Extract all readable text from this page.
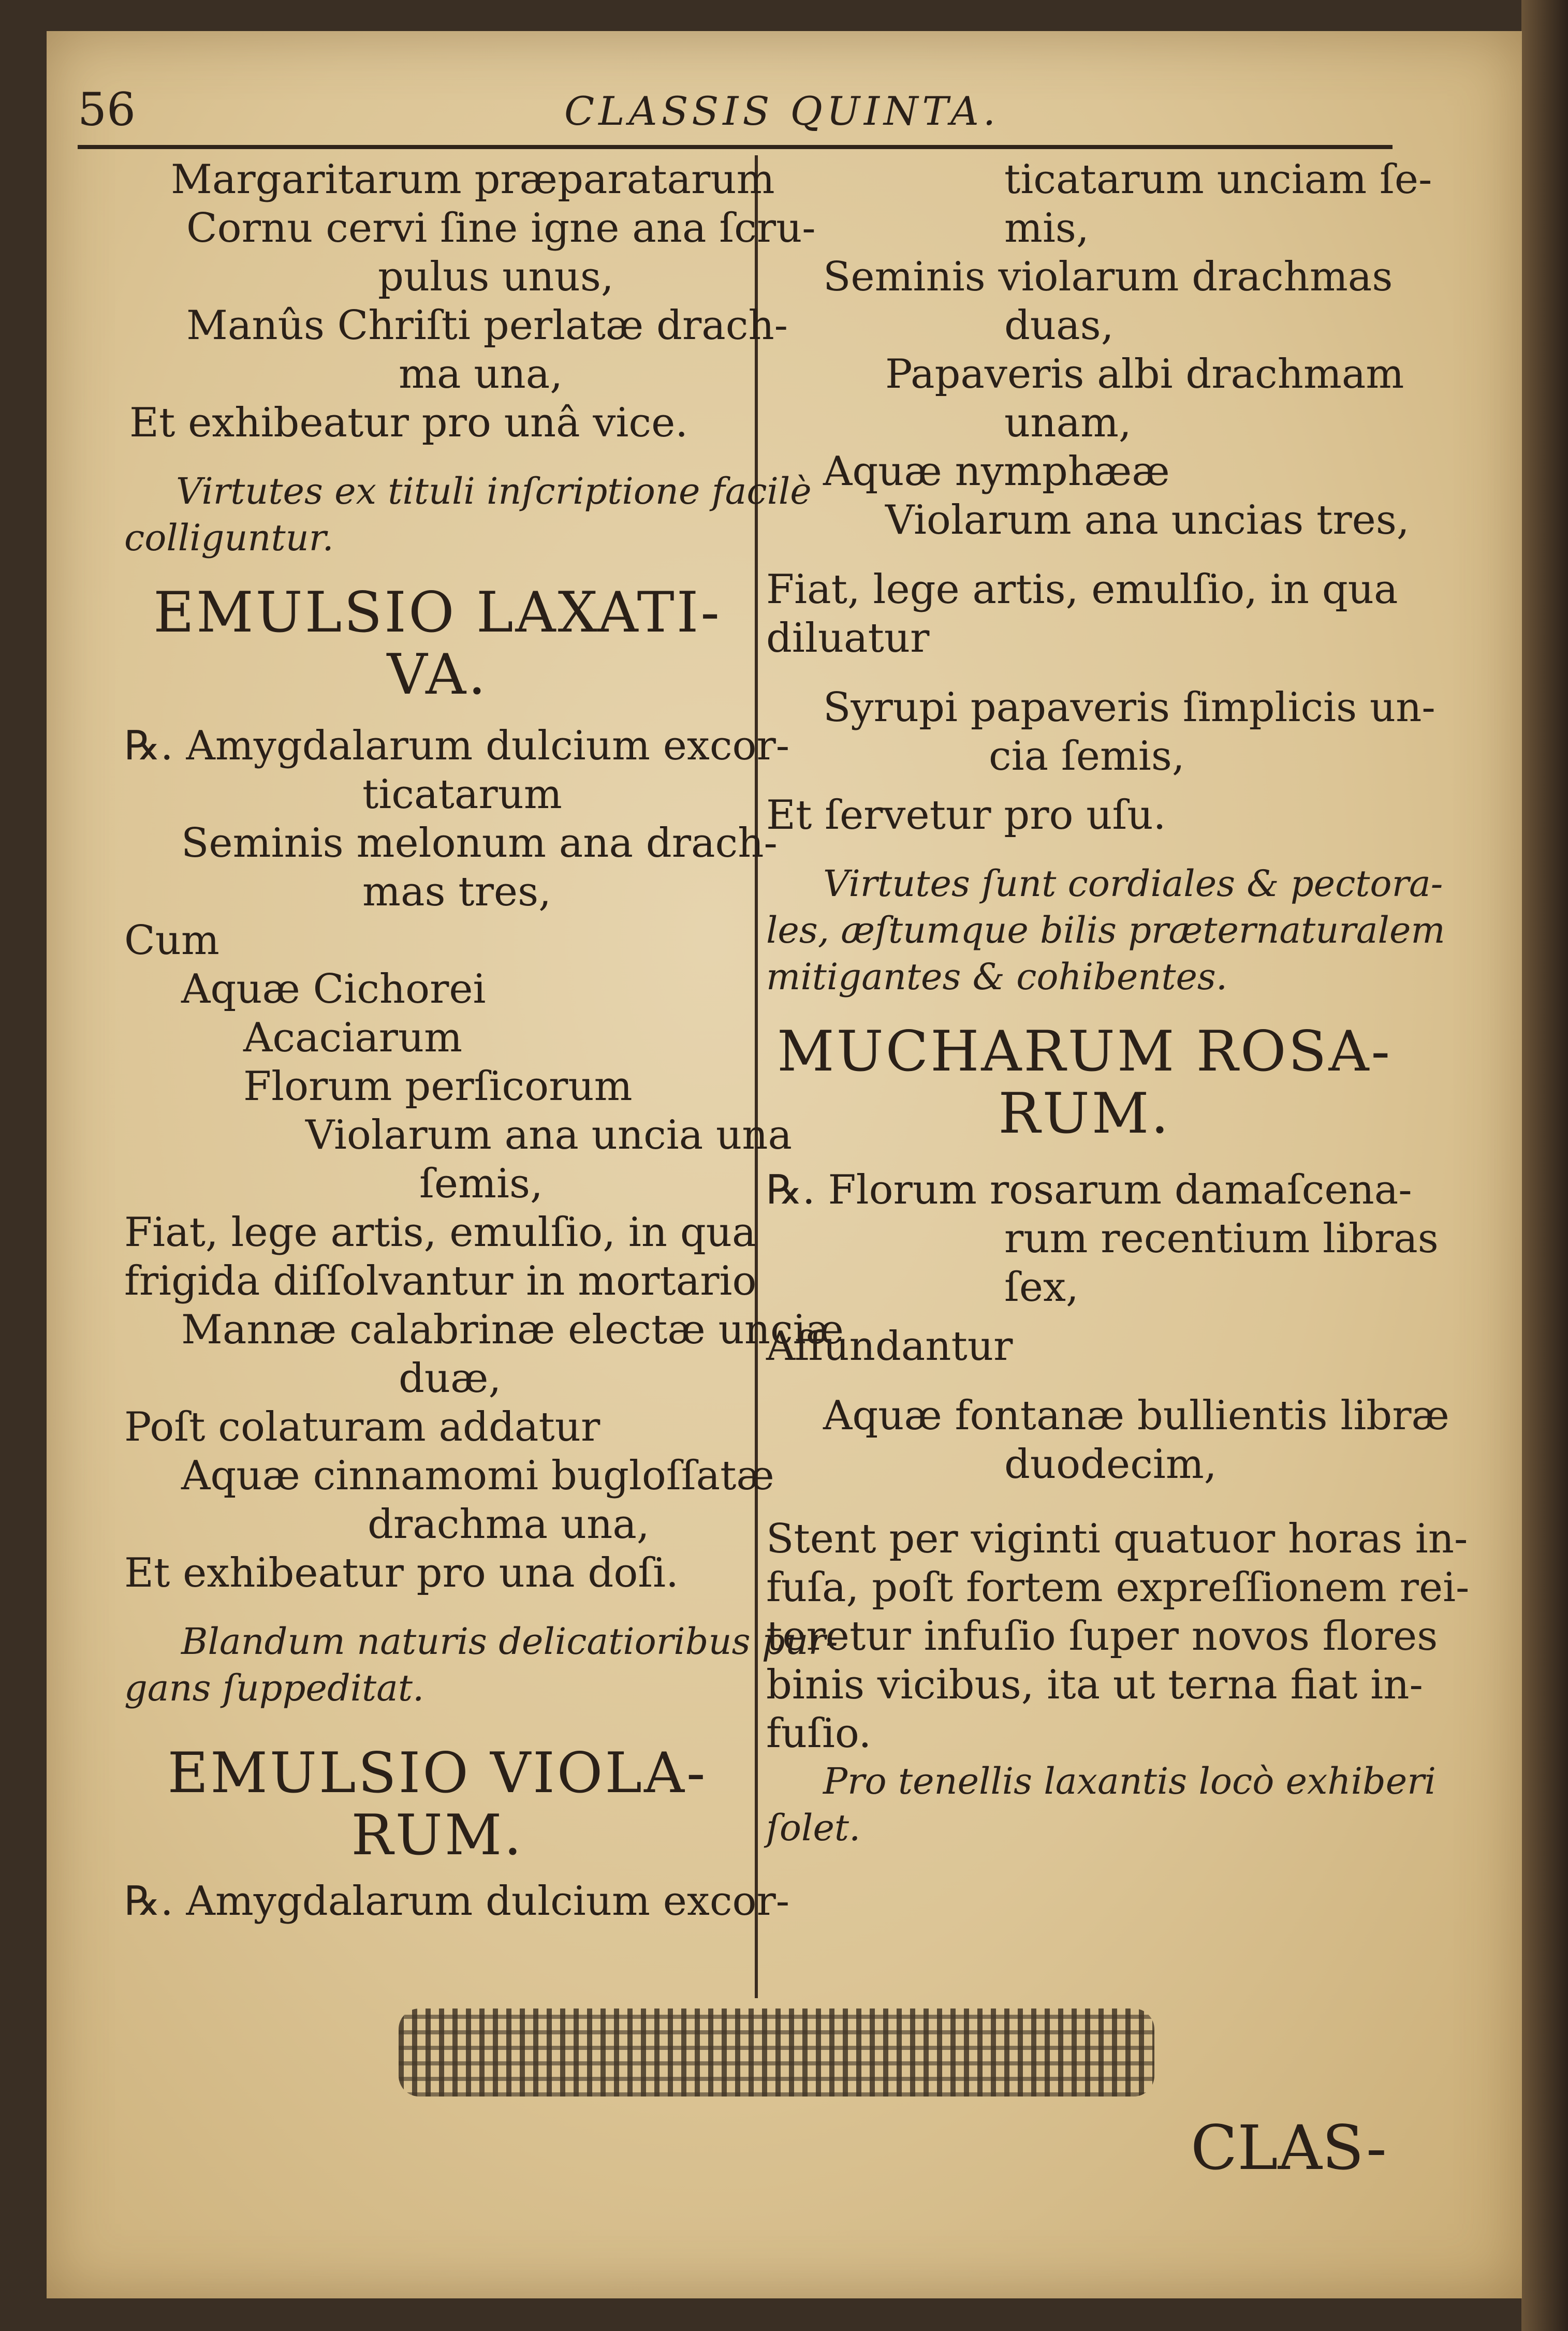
56	CLASSIS QUINTA.
Margaritarum præparatarum
Cornu cervi ſine igne ana ſcru-
pulus unus,
Manûs Chriſti perlatæ drach-
ma una,
Et exhibeatur pro unâ vice.
Virtutes ex tituli inſcriptione facilè
colliguntur.
EMULSIO LAXATI-
VA.
℞. Amygdalarum dulcium excor-
ticatarum
Seminis melonum ana drach-
mas tres,
Cum
Aquæ Cichorei
Acaciarum
Florum perſicorum
Violarum ana uncia una
ſemis,
Fiat, lege artis, emulſio, in qua
frigida diſſolvantur in mortario
Mannæ calabrinæ electæ unciæ
duæ,
Poſt colaturam addatur
Aquæ cinnamomi bugloſſatæ
drachma una,
Et exhibeatur pro una doſi.
Blandum naturis delicatioribus pur-
gans ſuppeditat.
EMULSIO VIOLA-
RUM.
℞. Amygdalarum dulcium excor-
ticatarum unciam ſe-
mis,
Seminis violarum drachmas
duas,
Papaveris albi drachmam
unam,
Aquæ nymphææ
Violarum ana uncias tres,
Fiat, lege artis, emulſio, in qua
diluatur
Syrupi papaveris ſimplicis un-
cia ſemis,
Et ſervetur pro uſu.
Virtutes ſunt cordiales & pectora-
les, æſtumque bilis præternaturalem
mitigantes & cohibentes.
MUCHARUM ROSA-
RUM.
℞. Florum rosarum damaſcena-
rum recentium libras
ſex,
Affundantur
Aquæ fontanæ bullientis libræ
duodecim,
Stent per viginti quatuor horas in-
fuſa, poſt fortem expreſſionem rei-
teretur infuſio ſuper novos flores
binis vicibus, ita ut terna fiat in-
fuſio.
Pro tenellis laxantis locò exhiberi
ſolet.
CLAS-
